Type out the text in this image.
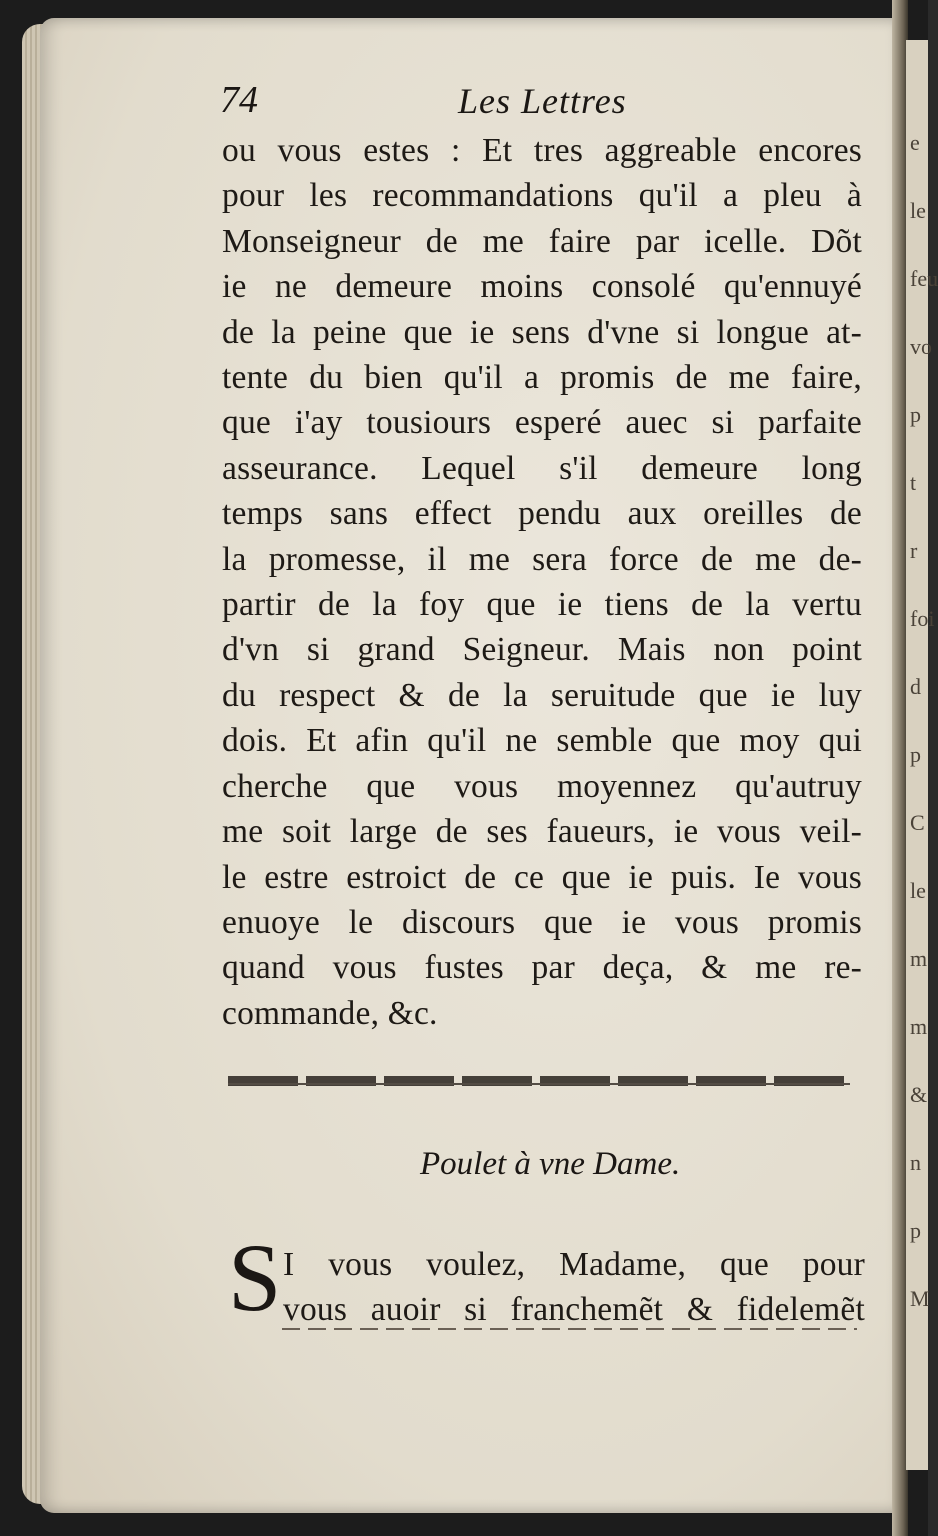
e
le
feu
vo
p
t
r
foi
d
p
C
le
m
m
&
n
p
M
74	Les Lettres
ou vous estes : Et tres aggreable encores
pour les recommandations qu'il a pleu à
Monseigneur de me faire par icelle. Dõt
ie ne demeure moins consolé qu'ennuyé
de la peine que ie sens d'vne si longue at-
tente du bien qu'il a promis de me faire,
que i'ay tousiours esperé auec si parfaite
asseurance. Lequel s'il demeure long
temps sans effect pendu aux oreilles de
la promesse, il me sera force de me de-
partir de la foy que ie tiens de la vertu
d'vn si grand Seigneur. Mais non point
du respect & de la seruitude que ie luy
dois. Et afin qu'il ne semble que moy qui
cherche que vous moyennez qu'autruy
me soit large de ses faueurs, ie vous veil-
le estre estroict de ce que ie puis. Ie vous
enuoye le discours que ie vous promis
quand vous fustes par deça, & me re-
commande, &c.
Poulet à vne Dame.
S I vous voulez, Madame, que pour
vous auoir si franchemẽt & fidelemẽt
